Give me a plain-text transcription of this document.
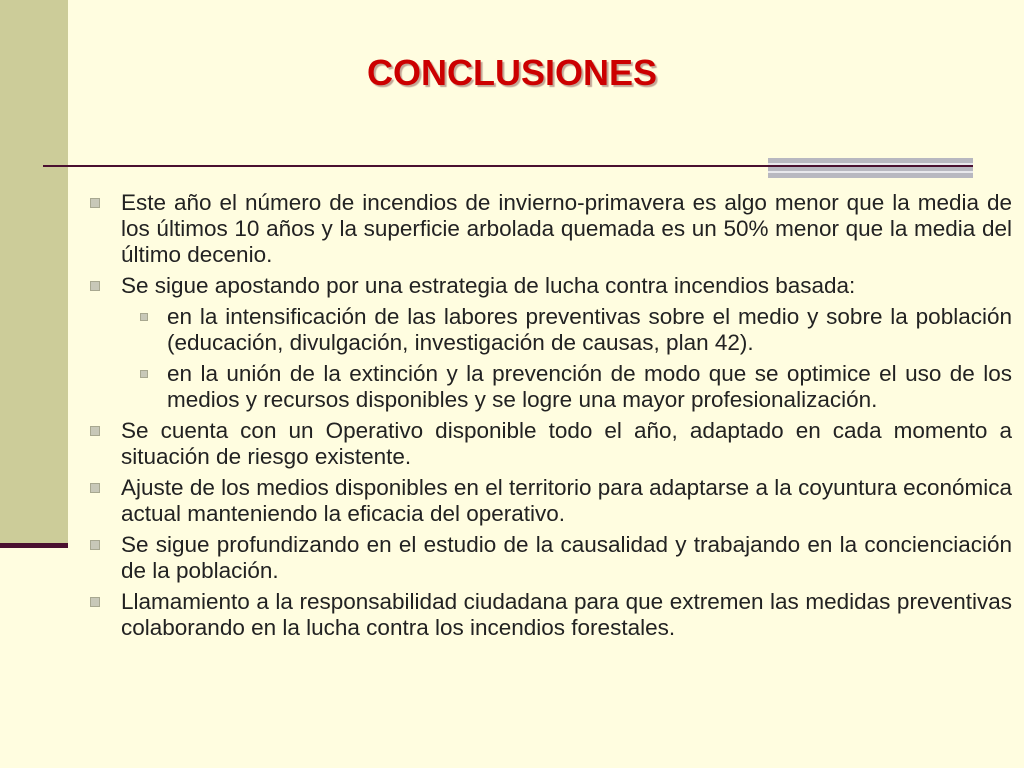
CONCLUSIONES
Este año el número de incendios de invierno-primavera es algo menor que la media de los últimos 10 años y la superficie arbolada quemada es un 50% menor que la media del último decenio.
Se sigue apostando por una estrategia de lucha contra incendios basada:
en la intensificación de las labores preventivas sobre el medio y sobre la población (educación, divulgación, investigación de causas, plan 42).
en la unión de la extinción y la prevención de modo que se optimice el uso de los medios y recursos disponibles y se logre una mayor profesionalización.
Se cuenta con un Operativo disponible todo el año, adaptado en cada momento a situación de riesgo existente.
Ajuste de los medios disponibles en el territorio para adaptarse a la coyuntura económica actual manteniendo la eficacia del operativo.
Se sigue profundizando en el estudio de la causalidad y trabajando en la concienciación de la población.
Llamamiento a la responsabilidad ciudadana para que extremen las medidas preventivas colaborando en la lucha contra los incendios forestales.
